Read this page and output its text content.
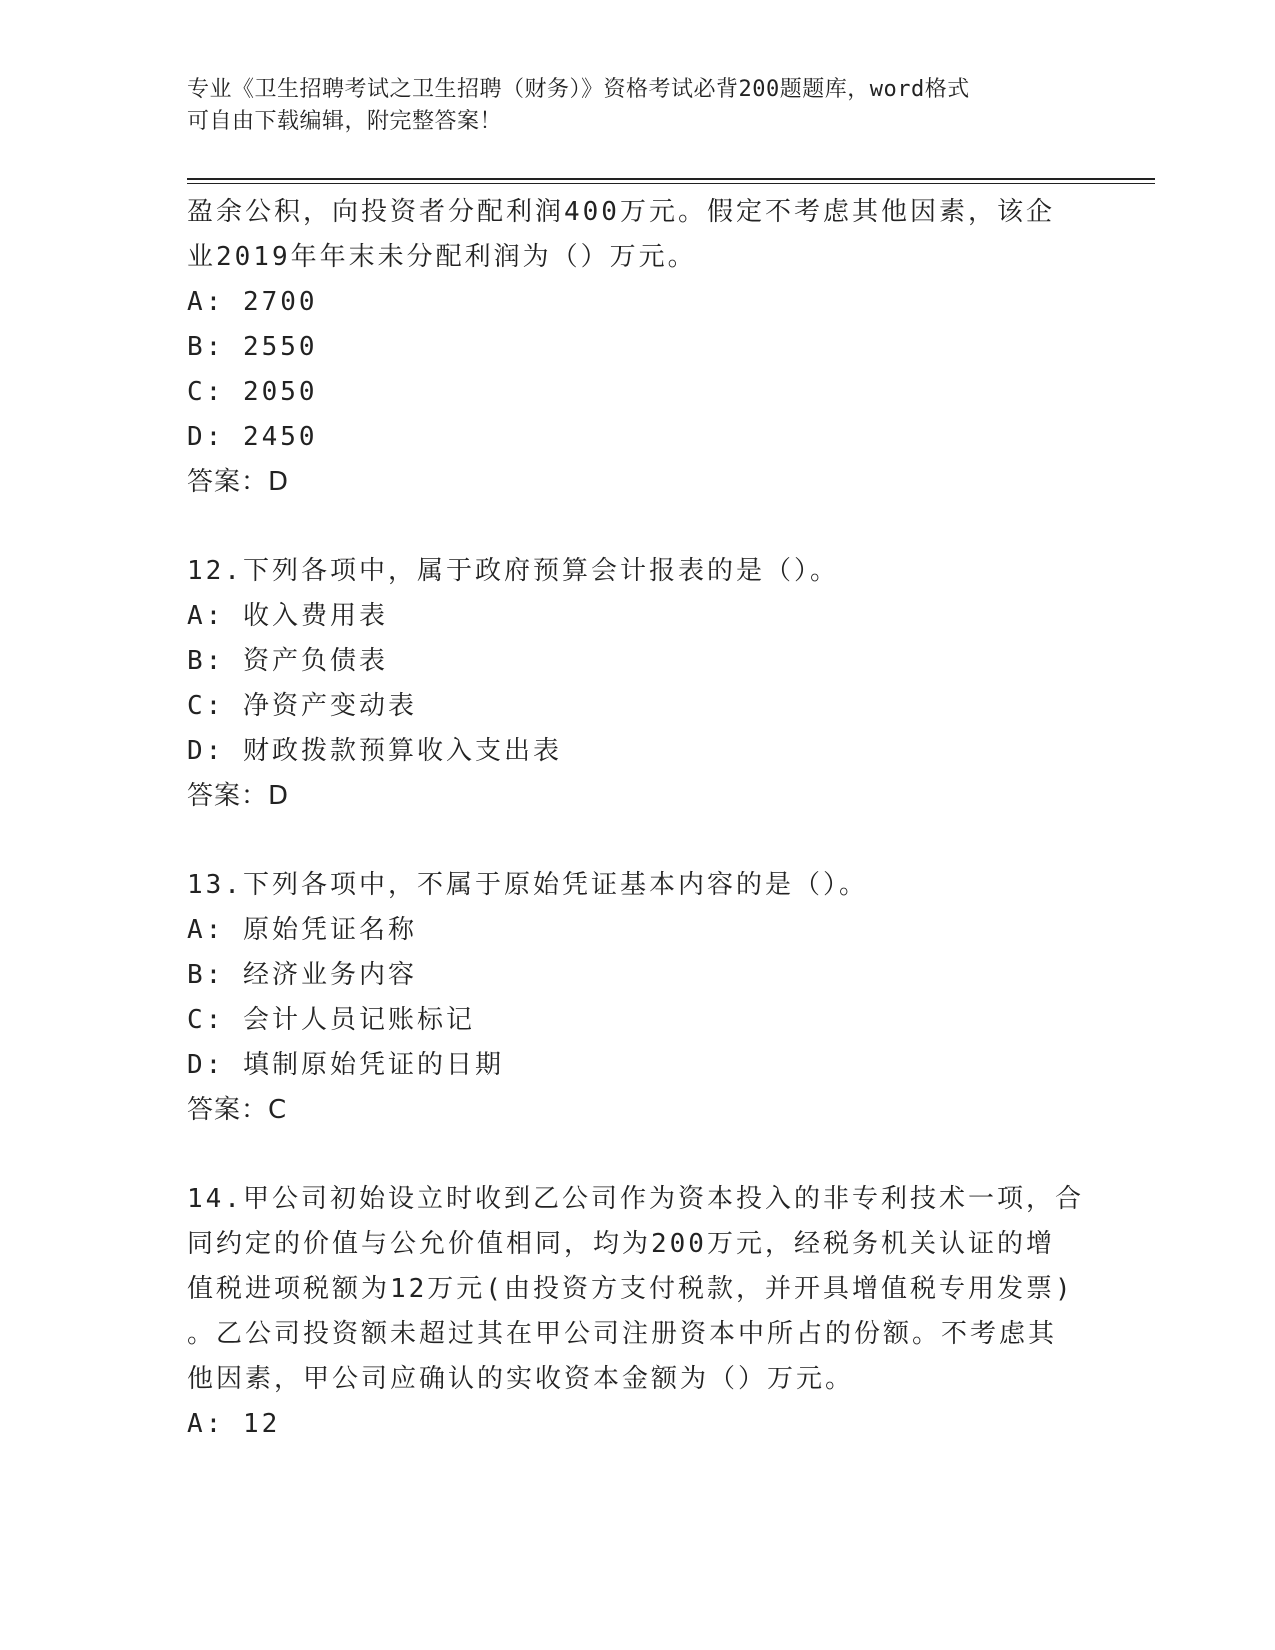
专业《卫生招聘考试之卫生招聘（财务）》资格考试必背200题题库，word格式
可自由下载编辑，附完整答案！
盈余公积，向投资者分配利润400万元。假定不考虑其他因素，该企
业2019年年末未分配利润为（）万元。
A: 2700
B: 2550
C: 2050
D: 2450
答案：D
12.下列各项中，属于政府预算会计报表的是（）。
A: 收入费用表
B: 资产负债表
C: 净资产变动表
D: 财政拨款预算收入支出表
答案：D
13.下列各项中，不属于原始凭证基本内容的是（）。
A: 原始凭证名称
B: 经济业务内容
C: 会计人员记账标记
D: 填制原始凭证的日期
答案：C
14.甲公司初始设立时收到乙公司作为资本投入的非专利技术一项，合
同约定的价值与公允价值相同，均为200万元，经税务机关认证的增
值税进项税额为12万元(由投资方支付税款，并开具增值税专用发票)
。乙公司投资额未超过其在甲公司注册资本中所占的份额。不考虑其
他因素，甲公司应确认的实收资本金额为（）万元。
A: 12
